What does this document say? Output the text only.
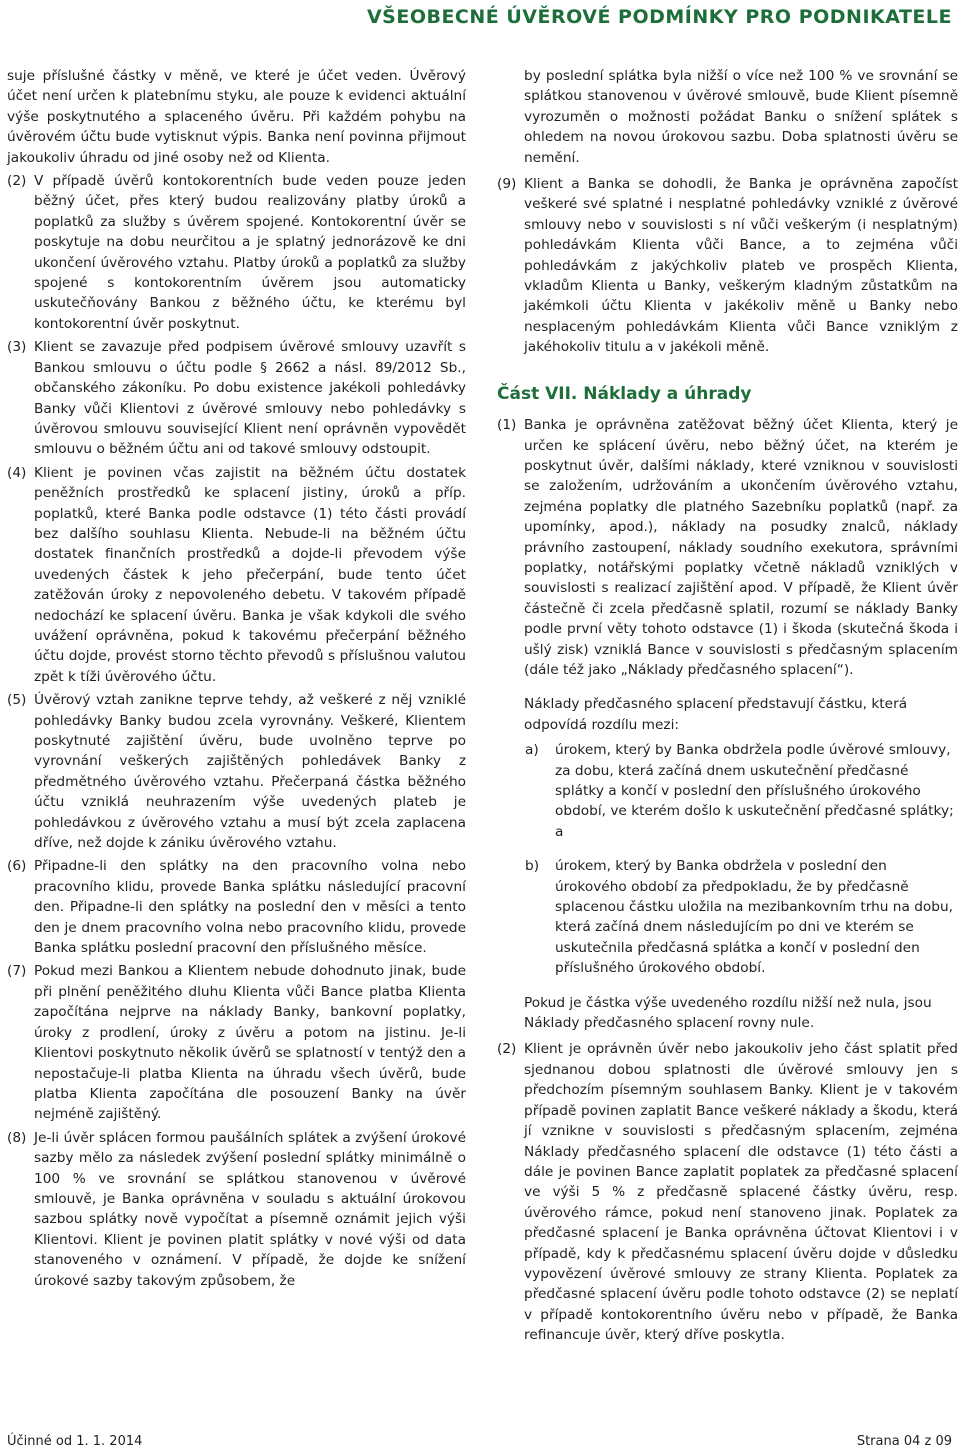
VŠEOBECNÉ ÚVĚROVÉ PODMÍNKY PRO PODNIKATELE

suje příslušné částky v měně, ve které je účet veden. Úvěrový účet není určen k platebnímu styku, ale pouze k evidenci aktuální výše poskytnutého a splaceného úvěru. Při každém pohybu na úvěrovém účtu bude vytisknut výpis. Banka není povinna přijmout jakoukoliv úhradu od jiné osoby než od Klienta.

(2) V případě úvěrů kontokorentních bude veden pouze jeden běžný účet, přes který budou realizovány platby úroků a poplatků za služby s úvěrem spojené. Kontokorentní úvěr se poskytuje na dobu neurčitou a je splatný jednorázově ke dni ukončení úvěrového vztahu. Platby úroků a poplatků za služby spojené s kontokorentním úvěrem jsou automaticky uskutečňovány Bankou z běžného účtu, ke kterému byl kontokorentní úvěr poskytnut.
(3) Klient se zavazuje před podpisem úvěrové smlouvy uzavřít s Bankou smlouvu o účtu podle § 2662 a násl. 89/2012 Sb., občanského zákoníku. Po dobu existence jakékoli pohledávky Banky vůči Klientovi z úvěrové smlouvy nebo pohledávky s úvěrovou smlouvu související Klient není oprávněn vypovědět smlouvu o běžném účtu ani od takové smlouvy odstoupit.
(4) Klient je povinen včas zajistit na běžném účtu dostatek peněžních prostředků ke splacení jistiny, úroků a příp. poplatků, které Banka podle odstavce (1) této části provádí bez dalšího souhlasu Klienta. Nebude-li na běžném účtu dostatek finančních prostředků a dojde-li převodem výše uvedených částek k jeho přečerpání, bude tento účet zatěžován úroky z nepovoleného debetu. V takovém případě nedochází ke splacení úvěru. Banka je však kdykoli dle svého uvážení oprávněna, pokud k takovému přečerpání běžného účtu dojde, provést storno těchto převodů s příslušnou valutou zpět k tíži úvěrového účtu.
(5) Úvěrový vztah zanikne teprve tehdy, až veškeré z něj vzniklé pohledávky Banky budou zcela vyrovnány. Veškeré, Klientem poskytnuté zajištění úvěru, bude uvolněno teprve po vyrovnání veškerých zajištěných pohledávek Banky z předmětného úvěrového vztahu. Přečerpaná částka běžného účtu vzniklá neuhrazením výše uvedených plateb je pohledávkou z úvěrového vztahu a musí být zcela zaplacena dříve, než dojde k zániku úvěrového vztahu.
(6) Připadne-li den splátky na den pracovního volna nebo pracovního klidu, provede Banka splátku následující pracovní den. Připadne-li den splátky na poslední den v měsíci a tento den je dnem pracovního volna nebo pracovního klidu, provede Banka splátku poslední pracovní den příslušného měsíce.
(7) Pokud mezi Bankou a Klientem nebude dohodnuto jinak, bude při plnění peněžitého dluhu Klienta vůči Bance platba Klienta započítána nejprve na náklady Banky, bankovní poplatky, úroky z prodlení, úroky z úvěru a potom na jistinu. Je-li Klientovi poskytnuto několik úvěrů se splatností v tentýž den a nepostačuje-li platba Klienta na úhradu všech úvěrů, bude platba Klienta započítána dle posouzení Banky na úvěr nejméně zajištěný.
(8) Je-li úvěr splácen formou paušálních splátek a zvýšení úrokové sazby mělo za následek zvýšení poslední splátky minimálně o 100 % ve srovnání se splátkou stanovenou v úvěrové smlouvě, je Banka oprávněna v souladu s aktuální úrokovou sazbou splátky nově vypočítat a písemně oznámit jejich výši Klientovi. Klient je povinen platit splátky v nové výši od data stanoveného v oznámení. V případě, že dojde ke snížení úrokové sazby takovým způsobem, že

by poslední splátka byla nižší o více než 100 % ve srovnání se splátkou stanovenou v úvěrové smlouvě, bude Klient písemně vyrozuměn o možnosti požádat Banku o snížení splátek s ohledem na novou úrokovou sazbu. Doba splatnosti úvěru se nemění.

(9) Klient a Banka se dohodli, že Banka je oprávněna započíst veškeré své splatné i nesplatné pohledávky vzniklé z úvěrové smlouvy nebo v souvislosti s ní vůči veškerým (i nesplatným) pohledávkám Klienta vůči Bance, a to zejména vůči pohledávkám z jakýchkoliv plateb ve prospěch Klienta, vkladům Klienta u Banky, veškerým kladným zůstatkům na jakémkoli účtu Klienta v jakékoliv měně u Banky nebo nesplaceným pohledávkám Klienta vůči Bance vzniklým z jakéhokoliv titulu a v jakékoli měně.
Část VII. Náklady a úhrady
(1) Banka je oprávněna zatěžovat běžný účet Klienta, který je určen ke splácení úvěru, nebo běžný účet, na kterém je poskytnut úvěr, dalšími náklady, které vzniknou v souvislosti se založením, udržováním a ukončením úvěrového vztahu, zejména poplatky dle platného Sazebníku poplatků (např. za upomínky, apod.), náklady na posudky znalců, náklady právního zastoupení, náklady soudního exekutora, správními poplatky, notářskými poplatky včetně nákladů vzniklých v souvislosti s realizací zajištění apod. V případě, že Klient úvěr částečně či zcela předčasně splatil, rozumí se náklady Banky podle první věty tohoto odstavce (1) i škoda (skutečná škoda i ušlý zisk) vzniklá Bance v souvislosti s předčasným splacením (dále též jako „Náklady předčasného splacení“).

Náklady předčasného splacení představují částku, která odpovídá rozdílu mezi:

a) úrokem, který by Banka obdržela podle úvěrové smlouvy, za dobu, která začíná dnem uskutečnění předčasné splátky a končí v poslední den příslušného úrokového období, ve kterém došlo k uskutečnění předčasné splátky; a
b) úrokem, který by Banka obdržela v poslední den úrokového období za předpokladu, že by předčasně splacenou částku uložila na mezibankovním trhu na dobu, která začíná dnem následujícím po dni ve kterém se uskutečnila předčasná splátka a končí v poslední den příslušného úrokového období.

Pokud je částka výše uvedeného rozdílu nižší než nula, jsou Náklady předčasného splacení rovny nule.

(2) Klient je oprávněn úvěr nebo jakoukoliv jeho část splatit před sjednanou dobou splatnosti dle úvěrové smlouvy jen s předchozím písemným souhlasem Banky. Klient je v takovém případě povinen zaplatit Bance veškeré náklady a škodu, která jí vznikne v souvislosti s předčasným splacením, zejména Náklady předčasného splacení dle odstavce (1) této části a dále je povinen Bance zaplatit poplatek za předčasné splacení ve výši 5 % z předčasně splacené částky úvěru, resp. úvěrového rámce, pokud není stanoveno jinak. Poplatek za předčasné splacení je Banka oprávněna účtovat Klientovi i v případě, kdy k předčasnému splacení úvěru dojde v důsledku vypovězení úvěrové smlouvy ze strany Klienta. Poplatek za předčasné splacení úvěru podle tohoto odstavce (2) se neplatí v případě kontokorentního úvěru nebo v případě, že Banka refinancuje úvěr, který dříve poskytla.
Účinné od 1. 1. 2014	Strana 04 z 09
